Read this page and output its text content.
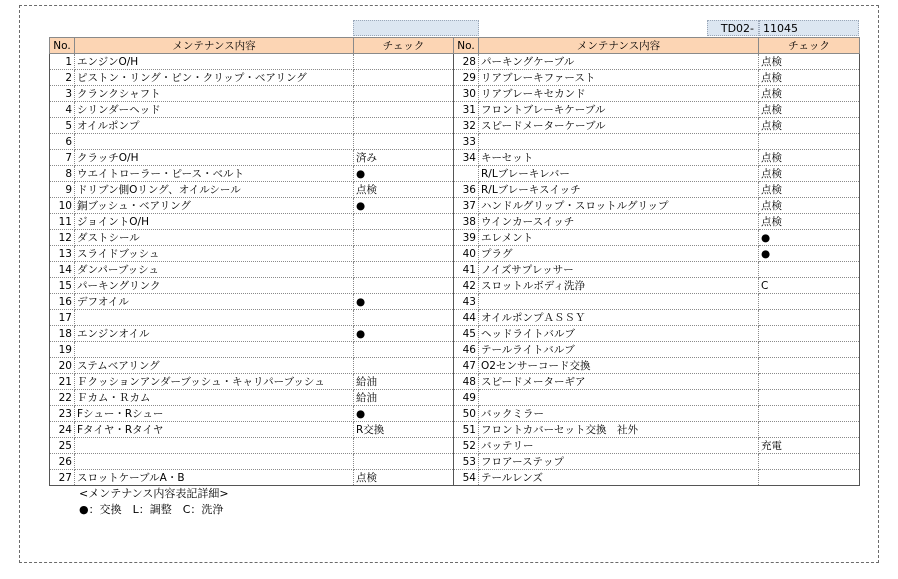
TD02- 11045
No.	メンテナンス内容	チェック	No.	メンテナンス内容	チェック
1	エンジンO/H		28	パーキングケーブル	点検
2	ピストン・リング・ピン・クリップ・ベアリング		29	リアブレーキファースト	点検
3	クランクシャフト		30	リアブレーキセカンド	点検
4	シリンダーヘッド		31	フロントブレーキケーブル	点検
5	オイルポンプ		32	スピードメーターケーブル	点検
6			33		
7	クラッチO/H	済み	34	キーセット	点検
8	ウエイトローラー・ピース・ベルト	●		R/Lブレーキレバー	点検
9	ドリブン側Oリング、オイルシール	点検	36	R/Lブレーキスイッチ	点検
10	銅ブッシュ・ベアリング	●	37	ハンドルグリップ・スロットルグリップ	点検
11	ジョイントO/H		38	ウインカースイッチ	点検
12	ダストシール		39	エレメント	●
13	スライドブッシュ		40	プラグ	●
14	ダンパーブッシュ		41	ノイズサプレッサー	
15	パーキングリンク		42	スロットルボディ洗浄	C
16	デフオイル	●	43		
17			44	オイルポンプＡＳＳＹ	
18	エンジンオイル	●	45	ヘッドライトバルブ	
19			46	テールライトバルブ	
20	ステムベアリング		47	O2センサーコード交換	
21	Ｆクッションアンダーブッシュ・キャリパーブッシュ	給油	48	スピードメーターギア	
22	Ｆカム・Ｒカム	給油	49		
23	Fシュー・Rシュー	●	50	バックミラー	
24	Fタイヤ・Rタイヤ	R交換	51	フロントカバーセット交換　社外	
25			52	バッテリー	充電
26			53	フロアーステップ	
27	スロットケーブルA・B	点検	54	テールレンズ	
<メンテナンス内容表記詳細>
●：交換　L：調整　C：洗浄
